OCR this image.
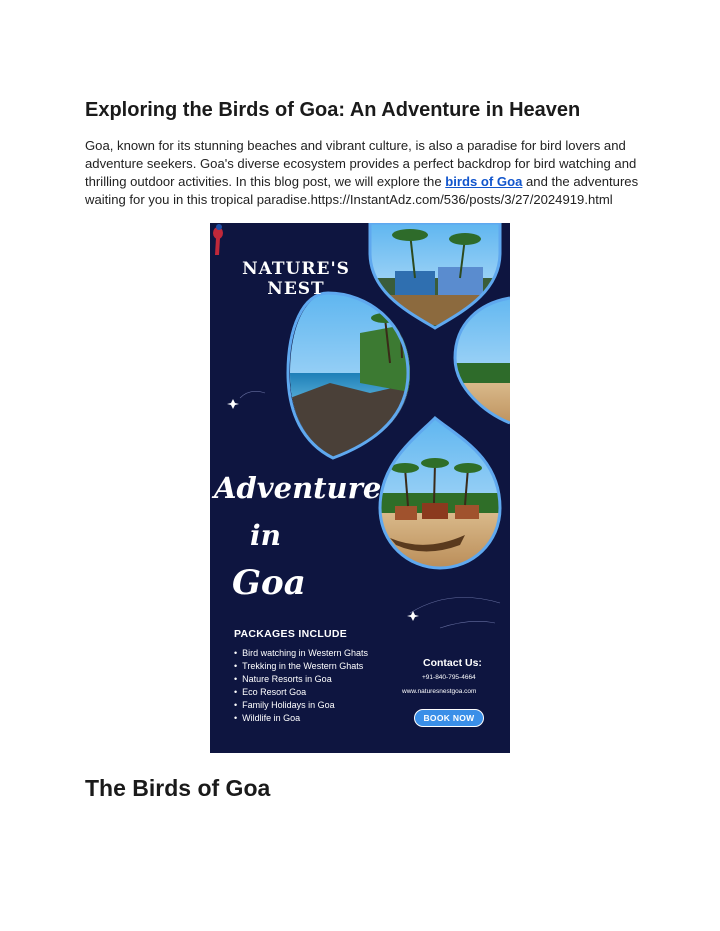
Exploring the Birds of Goa: An Adventure in Heaven

Goa, known for its stunning beaches and vibrant culture, is also a paradise for bird lovers and adventure seekers. Goa's diverse ecosystem provides a perfect backdrop for bird watching and thrilling outdoor activities. In this blog post, we will explore the birds of Goa and the adventures waiting for you in this tropical paradise.https://InstantAdz.com/536/posts/3/27/2024919.html

NATURE'S NEST
Adventure
in
Goa
PACKAGES INCLUDE
• Bird watching in Western Ghats
• Trekking in the Western Ghats
• Nature Resorts in Goa
• Eco Resort Goa
• Family Holidays in Goa
• Wildlife in Goa
Contact Us:
+91-840-795-4664
www.naturesnestgoa.com
BOOK NOW
The Birds of Goa
